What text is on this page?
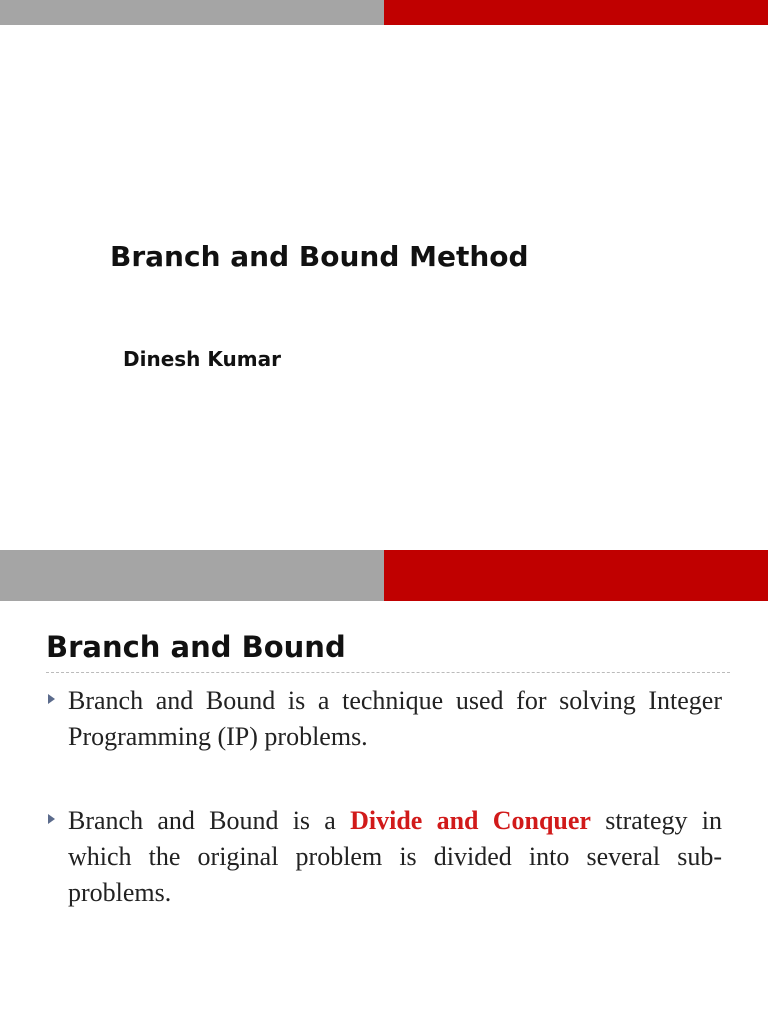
Branch and Bound Method
Dinesh Kumar
Branch and Bound
Branch and Bound is a technique used for solving Integer Programming (IP) problems.
Branch and Bound is a Divide and Conquer strategy in which the original problem is divided into several sub-problems.
